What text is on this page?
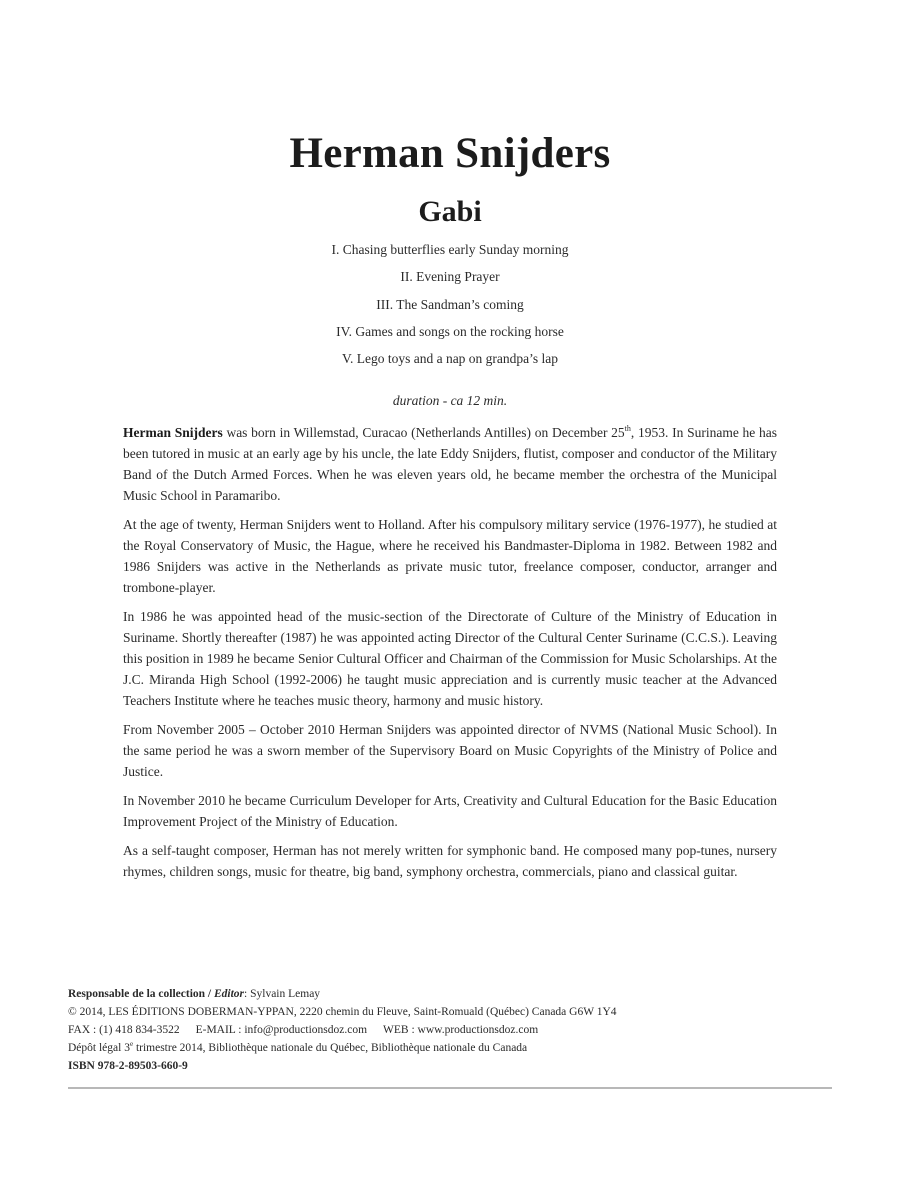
Herman Snijders
Gabi
I. Chasing butterflies early Sunday morning
II. Evening Prayer
III. The Sandman’s coming
IV. Games and songs on the rocking horse
V. Lego toys and a nap on grandpa’s lap
duration - ca 12 min.

Herman Snijders was born in Willemstad, Curacao (Netherlands Antilles) on December 25th, 1953. In Suriname he has been tutored in music at an early age by his uncle, the late Eddy Snijders, flutist, composer and conductor of the Military Band of the Dutch Armed Forces. When he was eleven years old, he became member the orchestra of the Municipal Music School in Paramaribo.

At the age of twenty, Herman Snijders went to Holland. After his compulsory military service (1976-1977), he studied at the Royal Conservatory of Music, the Hague, where he received his Bandmaster-Diploma in 1982. Between 1982 and 1986 Snijders was active in the Netherlands as private music tutor, freelance composer, conductor, arranger and trombone-player.

In 1986 he was appointed head of the music-section of the Directorate of Culture of the Ministry of Education in Suriname. Shortly thereafter (1987) he was appointed acting Director of the Cultural Center Suriname (C.C.S.). Leaving this position in 1989 he became Senior Cultural Officer and Chairman of the Commission for Music Scholarships. At the J.C. Miranda High School (1992-2006) he taught music appreciation and is currently music teacher at the Advanced Teachers Institute where he teaches music theory, harmony and music history.

From November 2005 – October 2010 Herman Snijders was appointed director of NVMS (National Music School). In the same period he was a sworn member of the Supervisory Board on Music Copyrights of the Ministry of Police and Justice.

In November 2010 he became Curriculum Developer for Arts, Creativity and Cultural Education for the Basic Education Improvement Project of the Ministry of Education.

As a self-taught composer, Herman has not merely written for symphonic band. He composed many pop-tunes, nursery rhymes, children songs, music for theatre, big band, symphony orchestra, commercials, piano and classical guitar.

Responsable de la collection / Editor: Sylvain Lemay
© 2014, LES ÉDITIONS DOBERMAN-YPPAN, 2220 chemin du Fleuve, Saint-Romuald (Québec) Canada G6W 1Y4
FAX : (1) 418 834-3522 E-MAIL : info@productionsdoz.com WEB : www.productionsdoz.com
Dépôt légal 3e trimestre 2014, Bibliothèque nationale du Québec, Bibliothèque nationale du Canada
ISBN 978-2-89503-660-9
